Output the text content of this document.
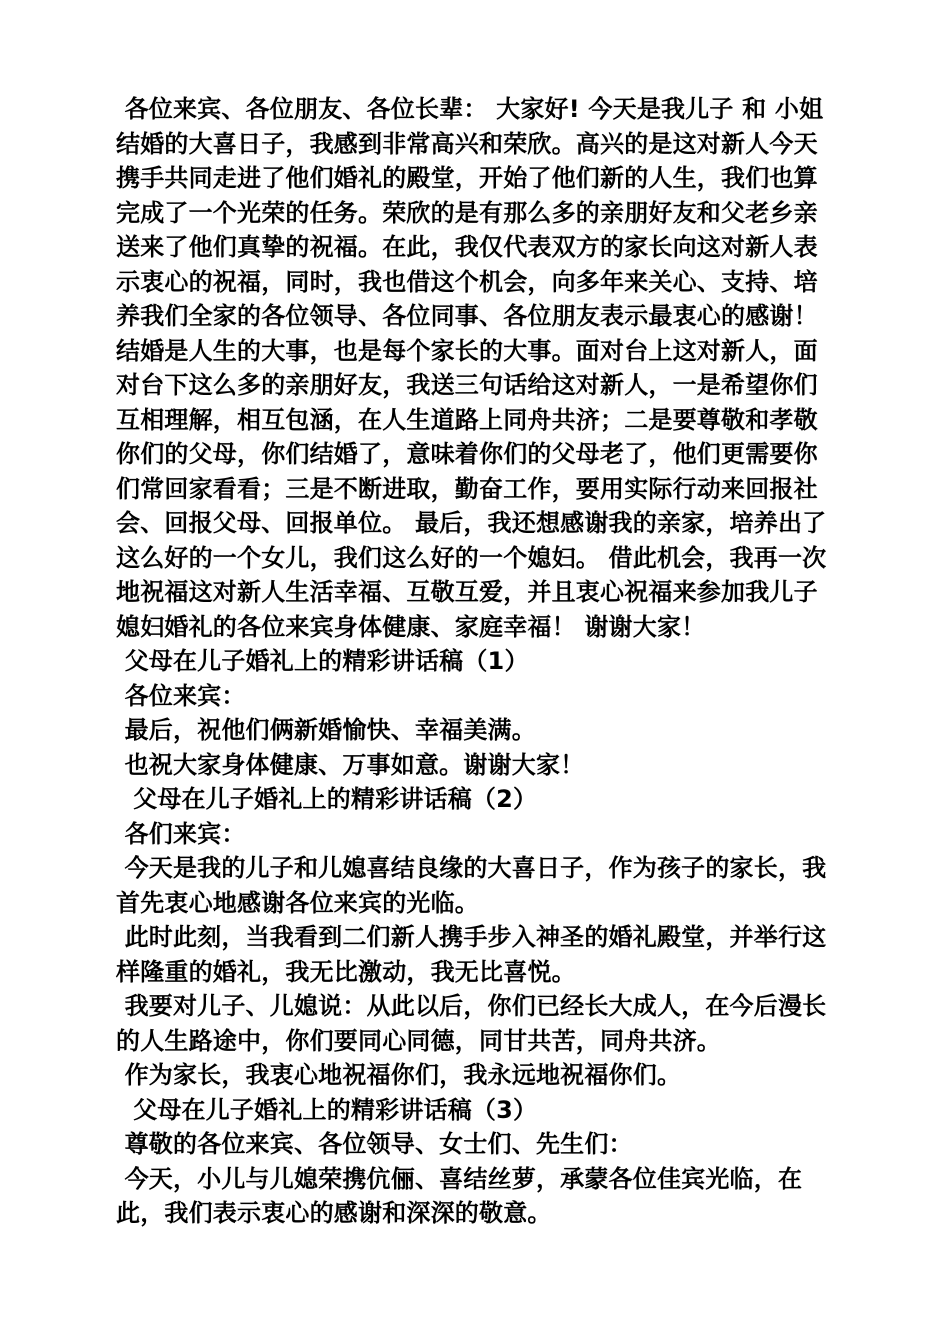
各位来宾、各位朋友、各位长辈： 大家好! 今天是我儿子 和 小姐结婚的大喜日子，我感到非常高兴和荣欣。高兴的是这对新人今天携手共同走进了他们婚礼的殿堂，开始了他们新的人生，我们也算完成了一个光荣的任务。荣欣的是有那么多的亲朋好友和父老乡亲送来了他们真挚的祝福。在此，我仅代表双方的家长向这对新人表示衷心的祝福，同时，我也借这个机会，向多年来关心、支持、培养我们全家的各位领导、各位同事、各位朋友表示最衷心的感谢！ 结婚是人生的大事，也是每个家长的大事。面对台上这对新人，面对台下这么多的亲朋好友，我送三句话给这对新人，一是希望你们互相理解，相互包涵，在人生道路上同舟共济；二是要尊敬和孝敬你们的父母，你们结婚了，意味着你们的父母老了，他们更需要你们常回家看看；三是不断进取，勤奋工作，要用实际行动来回报社会、回报父母、回报单位。 最后，我还想感谢我的亲家，培养出了这么好的一个女儿，我们这么好的一个媳妇。 借此机会，我再一次地祝福这对新人生活幸福、互敬互爱，并且衷心祝福来参加我儿子媳妇婚礼的各位来宾身体健康、家庭幸福！ 谢谢大家！

父母在儿子婚礼上的精彩讲话稿（1）

各位来宾：

最后，祝他们俩新婚愉快、幸福美满。

也祝大家身体健康、万事如意。谢谢大家！

父母在儿子婚礼上的精彩讲话稿（2）

各们来宾：

今天是我的儿子和儿媳喜结良缘的大喜日子，作为孩子的家长，我首先衷心地感谢各位来宾的光临。

此时此刻，当我看到二们新人携手步入神圣的婚礼殿堂，并举行这样隆重的婚礼，我无比激动，我无比喜悦。

我要对儿子、儿媳说：从此以后，你们已经长大成人，在今后漫长的人生路途中，你们要同心同德，同甘共苦，同舟共济。

作为家长，我衷心地祝福你们，我永远地祝福你们。

父母在儿子婚礼上的精彩讲话稿（3）

尊敬的各位来宾、各位领导、女士们、先生们：

今天，小儿与儿媳荣携伉俪、喜结丝萝，承蒙各位佳宾光临，在此，我们表示衷心的感谢和深深的敬意。
